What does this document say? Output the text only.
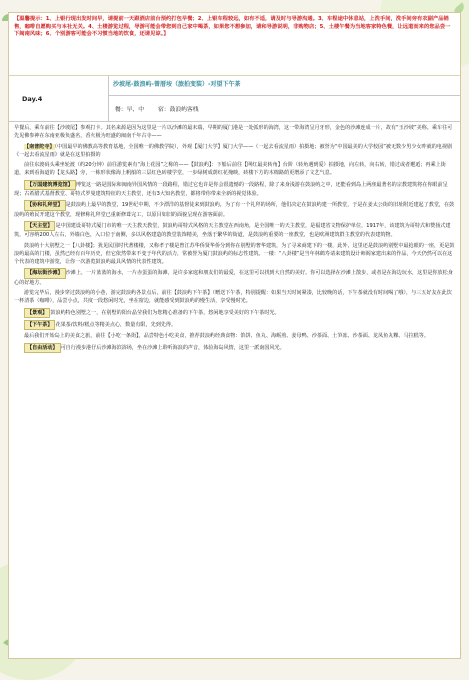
【温馨提示：1、上银行现出发时间早，请提前一天跟酒店前台预约打包早餐；2、上银车程较远，如有不适，请及时与导游沟通。3、车程途中休息站，上洗手间，洗手间旁有农副产品销售，咖啡自愿购买与本社无关。4、土楼游览过程，导游可能会带您到自己家中喝茶，如果您不想参加，请和导游说明，非购物店；5、土楼午餐为当地客家特色餐，让远道而来的您品尝一下闽南风味；6、个别游客可能会不习惯当地的饮食，还请见谅。】
Day.4
沙坡尾-鼓浪屿-曾厝垵（旅拍变装）-对望下午茶
餐：早、中 宿：鼓浪屿客栈

早餐后，乘车前往【沙坡尾】参观打卡。其名来源是因为这里是一片以沙滩的最末端，早期的厦门港是一处弧形的海湾，这一带海湾呈月牙形，金色的沙滩连成一片，故有“玉沙坡”美称。乘车往可先见佛参神在东南亚极负盛名，香火极为旺盛的闽南千年古寺——

【南普陀寺】（中国最早的佛教高等教育基地，全国唯一的佛教学院），外观【厦门大学】厦门大学——（一起去看流星雨）拍摄地；被誉为“中国最美的大学校园”被无数少男少女昨就的电视剧《一起去看流星雨》就是在这里拍摄的

前往东渡码头乘坐轮渡（约20分钟）前往游览素有“海上花园”之称的——【鼓浪屿】：下船后前往【网红最美转角】台阶（转角遇到爱）拍摄地，向左转，向右转，错过或者邂逅；再乘上街道，来到看海道的【龙头路】旁，一栋形状像海上帆船的三层红色砖楼学堂，一步绿树成荫红花掩映，砖楼下方的木棉路荫更增添了文艺气息。

【万国建筑博览馆】 博览这一路是国际和闽南异国风情的一段路程，错过它也许是你会很遗憾的一段路程，除了来身浅游在鼓浪屿之中，还能看到岛上两座最著名的宗教建筑将在你眼前呈现；古希腊式基督教堂、哥特式罗曼建筑特征的天主教堂，还有3大知名教堂，都将带你带来全新的视觉体验。

【协和礼拜堂】 是鼓浪屿上最早的教堂，19世纪中期，不少漂洋的基督徒来到鼓浪屿，为了有一个礼拜的场所，他们决定在鼓浪屿建一所教堂，于是在姜太公街的旧址附近建起了教堂，在鼓浪屿的殖民开建这个教堂，现修称礼拜堂已重新修葺完工，以原目如旧的面貌呈现在游客面前。

【天主堂】 是中国建设哥特式厦门市的唯一天主教天教堂，鼓浪屿哥特式风格的天主教堂在西南角，是全国唯一的天主教堂，是福建省文物保护单位，1917年，该建筑为哥特式和赞扬式建筑，可容纳200人左右，外墙白色，入口位于南侧，多以风格建造的教堂装饰精美，坐落于繁华的街道，是鼓浪屿重要的一座教堂，也是欧洲建筑群主教堂的代表建筑物。

鼓浪屿十大别墅之一【八卦楼】；犹见民国时代著楼楼，又称孝子楼是曾江苏华侨贤华侨分到你在别墅的奢华建筑，为了寻来商建下的一楼，此外，这里还是鼓浪屿别墅中最抢眼的一座，更是鼓浪屿最高的门楼，虽然已经有百年历史，但它依然带来不变于年代的活力，常被誉为厦门鼓浪屿的标志性建筑。一楼：“八卦楼”是当年林鹤寿请来建筑设计师阁家建出来的作品，今天仍然可以在这个代表的建筑中游览，让你一次游览鼓浪屿最具风情的代表性建筑。

【海坛街沙滩】 沙滩上，一片蓝蓝的海水，一片赤蛋蛋的海滩，是许多家庭和朋友们的最爱，在这里可以找到大自然的美好。你可以选择在沙滩上散步，或者是在海边玩水，这里是你放松身心的好地方。

游览完毕后，漫步穿过鼓浪屿的小巷，游完鼓浪屿各景点后，前往【鼓浪屿下午茶】（赠送下午茶，特别提醒：如果当天时间紧凑，比较晚的话，下午茶就没有时间喝了哦），与三五好友在此饮一杯清茶（咖啡），品尝小点，共度一段悠闲时光，坐在窗边，就能感受到鼓浪屿的慢生活，享受慢时光。

【景观】 鼓浪屿特色别墅之一，在别墅的阳台晶莹我们为您精心准备的下午茶，悠闲地享受美好的下午茶时光。

【下午茶】 花果茶/饮料/糕点等精美点心，数量有限，先到先得。

最后我们开始岛上的美食之旅，前往【小吃一条街】，品尝特色小吃美食，推荐鼓浪屿经典食物：馅饼、鱼丸、海蛎煎、姜母鸭、沙茶面、土笋冻、沙茶面、龙凤鱼丸粿、马拉糕等。

【自由活动】 可自行漫步港仔后沙滩海滨浴场，坐在沙滩上聆听海浪的声音，体验海岛风情，这里一派南国风光。
